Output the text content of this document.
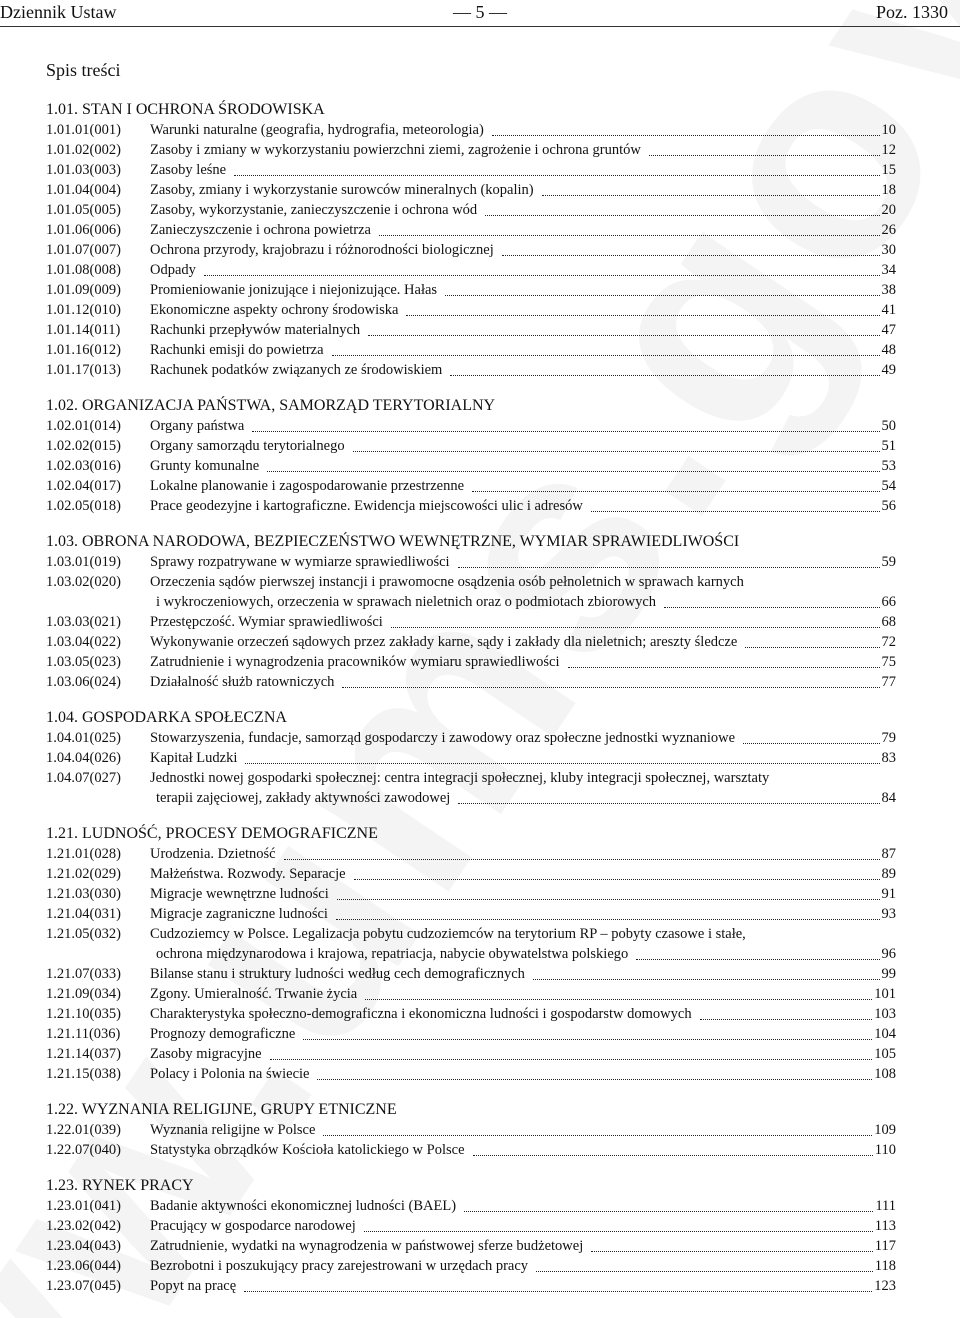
Dziennik Ustaw	— 5 —	Poz. 1330
Spis treści
1.01. STAN I OCHRONA ŚRODOWISKA
1.01.01(001)	Warunki naturalne (geografia, hydrografia, meteorologia)	10
1.01.02(002)	Zasoby i zmiany w wykorzystaniu powierzchni ziemi, zagrożenie i ochrona gruntów	12
1.01.03(003)	Zasoby leśne	15
1.01.04(004)	Zasoby, zmiany i wykorzystanie surowców mineralnych (kopalin)	18
1.01.05(005)	Zasoby, wykorzystanie, zanieczyszczenie i ochrona wód	20
1.01.06(006)	Zanieczyszczenie i ochrona powietrza	26
1.01.07(007)	Ochrona przyrody, krajobrazu i różnorodności biologicznej	30
1.01.08(008)	Odpady	34
1.01.09(009)	Promieniowanie jonizujące i niejonizujące. Hałas	38
1.01.12(010)	Ekonomiczne aspekty ochrony środowiska	41
1.01.14(011)	Rachunki przepływów materialnych	47
1.01.16(012)	Rachunki emisji do powietrza	48
1.01.17(013)	Rachunek podatków związanych ze środowiskiem	49
1.02. ORGANIZACJA PAŃSTWA, SAMORZĄD TERYTORIALNY
1.02.01(014)	Organy państwa	50
1.02.02(015)	Organy samorządu terytorialnego	51
1.02.03(016)	Grunty komunalne	53
1.02.04(017)	Lokalne planowanie i zagospodarowanie przestrzenne	54
1.02.05(018)	Prace geodezyjne i kartograficzne. Ewidencja miejscowości ulic i adresów	56
1.03. OBRONA NARODOWA, BEZPIECZEŃSTWO WEWNĘTRZNE, WYMIAR SPRAWIEDLIWOŚCI
1.03.01(019)	Sprawy rozpatrywane w wymiarze sprawiedliwości	59
1.03.02(020)	Orzeczenia sądów pierwszej instancji i prawomocne osądzenia osób pełnoletnich w sprawach karnych
i wykroczeniowych, orzeczenia w sprawach nieletnich oraz o podmiotach zbiorowych	66
1.03.03(021)	Przestępczość. Wymiar sprawiedliwości	68
1.03.04(022)	Wykonywanie orzeczeń sądowych przez zakłady karne, sądy i zakłady dla nieletnich; areszty śledcze	72
1.03.05(023)	Zatrudnienie i wynagrodzenia pracowników wymiaru sprawiedliwości	75
1.03.06(024)	Działalność służb ratowniczych	77
1.04. GOSPODARKA SPOŁECZNA
1.04.01(025)	Stowarzyszenia, fundacje, samorząd gospodarczy i zawodowy oraz społeczne jednostki wyznaniowe	79
1.04.04(026)	Kapitał Ludzki	83
1.04.07(027)	Jednostki nowej gospodarki społecznej: centra integracji społecznej, kluby integracji społecznej, warsztaty
terapii zajęciowej, zakłady aktywności zawodowej	84
1.21. LUDNOŚĆ, PROCESY DEMOGRAFICZNE
1.21.01(028)	Urodzenia. Dzietność	87
1.21.02(029)	Małżeństwa. Rozwody. Separacje	89
1.21.03(030)	Migracje wewnętrzne ludności	91
1.21.04(031)	Migracje zagraniczne ludności	93
1.21.05(032)	Cudzoziemcy w Polsce. Legalizacja pobytu cudzoziemców na terytorium RP – pobyty czasowe i stałe,
ochrona międzynarodowa i krajowa, repatriacja, nabycie obywatelstwa polskiego	96
1.21.07(033)	Bilanse stanu i struktury ludności według cech demograficznych	99
1.21.09(034)	Zgony. Umieralność. Trwanie życia	101
1.21.10(035)	Charakterystyka społeczno-demograficzna i ekonomiczna ludności i gospodarstw domowych	103
1.21.11(036)	Prognozy demograficzne	104
1.21.14(037)	Zasoby migracyjne	105
1.21.15(038)	Polacy i Polonia na świecie	108
1.22. WYZNANIA RELIGIJNE, GRUPY ETNICZNE
1.22.01(039)	Wyznania religijne w Polsce	109
1.22.07(040)	Statystyka obrządków Kościoła katolickiego w Polsce	110
1.23. RYNEK PRACY
1.23.01(041)	Badanie aktywności ekonomicznej ludności (BAEL)	111
1.23.02(042)	Pracujący w gospodarce narodowej	113
1.23.04(043)	Zatrudnienie, wydatki na wynagrodzenia w państwowej sferze budżetowej	117
1.23.06(044)	Bezrobotni i poszukujący pracy zarejestrowani w urzędach pracy	118
1.23.07(045)	Popyt na pracę	123
